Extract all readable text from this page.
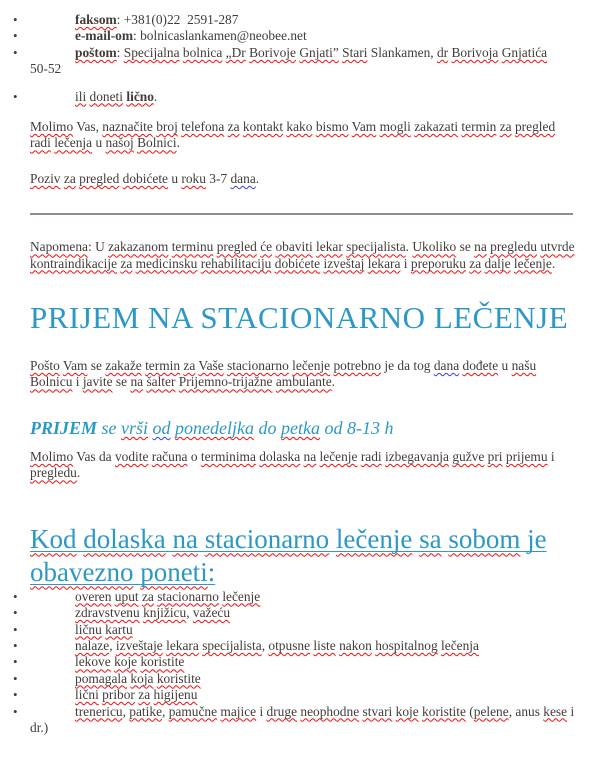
• faksom: +381(0)22  2591-287
• e-mail-om: bolnicaslankamen@neobee.net
• poštom: Specijalna bolnica „Dr Borivoje Gnjati” Stari Slankamen, dr Borivoja Gnjatića
50-52
• ili doneti lično.

Molimo Vas, naznačite broj telefona za kontakt kako bismo Vam mogli zakazati termin za pregled radi lečenja u našoj Bolnici.

Poziv za pregled dobićete u roku 3-7 dana.

Napomena: U zakazanom terminu pregled će obaviti lekar specijalista. Ukoliko se na pregledu utvrde kontraindikacije za medicinsku rehabilitaciju dobićete izveštaj lekara i preporuku za dalje lečenje.

PRIJEM NA STACIONARNO LEČENJE

Pošto Vam se zakaže termin za Vaše stacionarno lečenje potrebno je da tog dana dođete u našu Bolnicu i javite se na šalter Prijemno-trijažne ambulante.

PRIJEM se vrši od ponedeljka do petka od 8-13 h

Molimo Vas da vodite računa o terminima dolaska na lečenje radi izbegavanja gužve pri prijemu i pregledu.

Kod dolaska na stacionarno lečenje sa sobom je
obavezno poneti:
• overen uput za stacionarno lečenje
• zdravstvenu knjižicu, važeću
• ličnu kartu
• nalaze, izveštaje lekara specijalista, otpusne liste nakon hospitalnog lečenja
• lekove koje koristite
• pomagala koja koristite
• lični pribor za higijenu
• trenericu, patike, pamučne majice i druge neophodne stvari koje koristite (pelene, anus kese i dr.)
